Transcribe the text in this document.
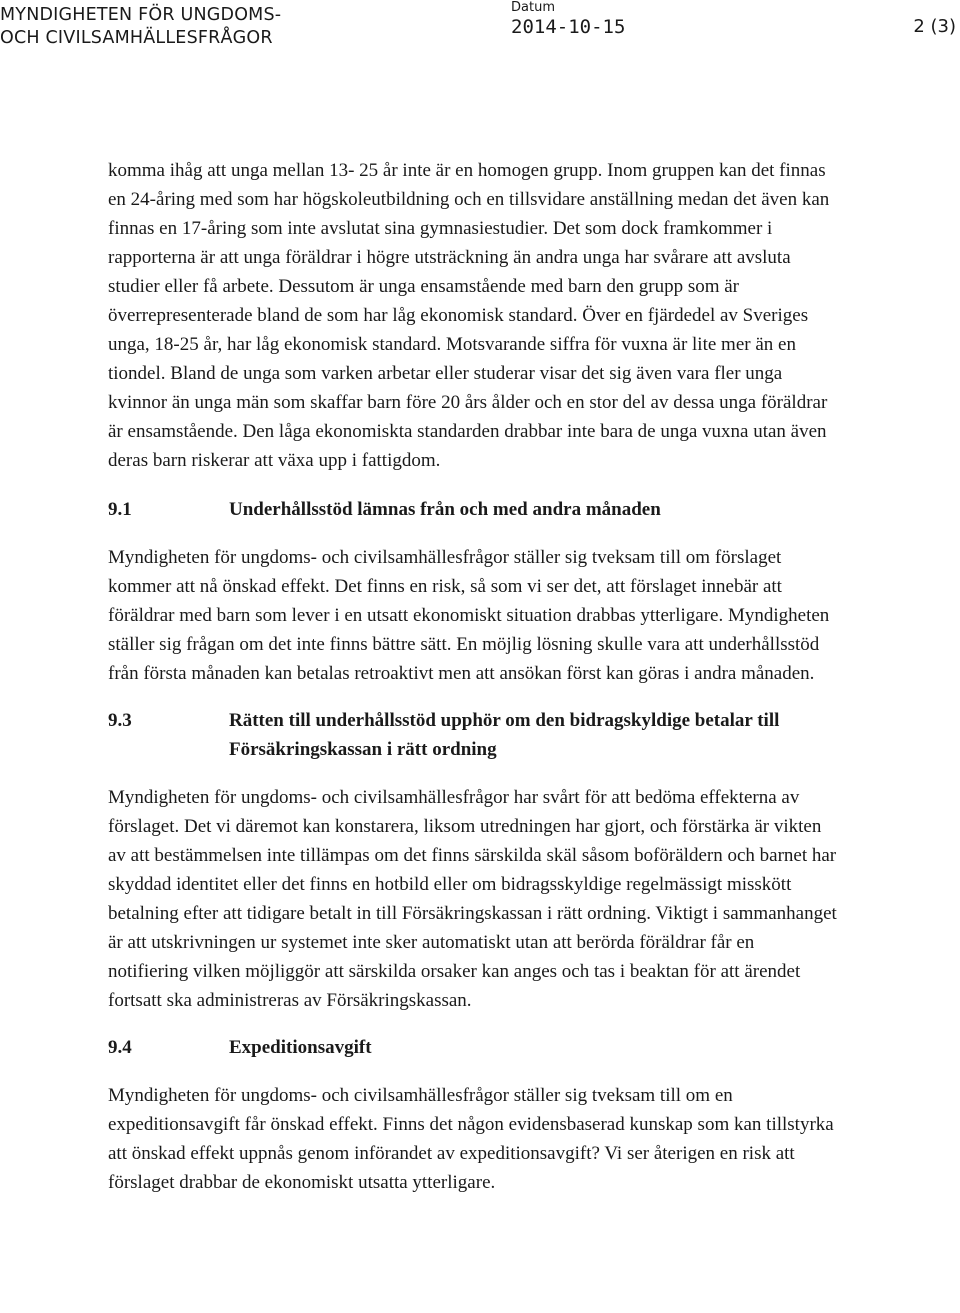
MYNDIGHETEN FÖR UNGDOMS-
OCH CIVILSAMHÄLLESFRÅGOR
Datum
2014-10-15	2 (3)

komma ihåg att unga mellan 13- 25 år inte är en homogen grupp. Inom gruppen kan det finnas en 24-åring med som har högskoleutbildning och en tillsvidare anställning medan det även kan finnas en 17-åring som inte avslutat sina gymnasiestudier. Det som dock framkommer i rapporterna är att unga föräldrar i högre utsträckning än andra unga har svårare att avsluta studier eller få arbete. Dessutom är unga ensamstående med barn den grupp som är överrepresenterade bland de som har låg ekonomisk standard. Över en fjärdedel av Sveriges unga, 18-25 år, har låg ekonomisk standard. Motsvarande siffra för vuxna är lite mer än en tiondel. Bland de unga som varken arbetar eller studerar visar det sig även vara fler unga kvinnor än unga män som skaffar barn före 20 års ålder och en stor del av dessa unga föräldrar är ensamstående. Den låga ekonomiskta standarden drabbar inte bara de unga vuxna utan även deras barn riskerar att växa upp i fattigdom.

9.1	Underhållsstöd lämnas från och med andra månaden

Myndigheten för ungdoms- och civilsamhällesfrågor ställer sig tveksam till om förslaget kommer att nå önskad effekt. Det finns en risk, så som vi ser det, att förslaget innebär att föräldrar med barn som lever i en utsatt ekonomiskt situation drabbas ytterligare. Myndigheten ställer sig frågan om det inte finns bättre sätt. En möjlig lösning skulle vara att underhållsstöd från första månaden kan betalas retroaktivt men att ansökan först kan göras i andra månaden.

9.3	Rätten till underhållsstöd upphör om den bidragskyldige betalar till Försäkringskassan i rätt ordning

Myndigheten för ungdoms- och civilsamhällesfrågor har svårt för att bedöma effekterna av förslaget. Det vi däremot kan konstarera, liksom utredningen har gjort, och förstärka är vikten av att bestämmelsen inte tillämpas om det finns särskilda skäl såsom boföräldern och barnet har skyddad identitet eller det finns en hotbild eller om bidragsskyldige regelmässigt misskött betalning efter att tidigare betalt in till Försäkringskassan i rätt ordning. Viktigt i sammanhanget är att utskrivningen ur systemet inte sker automatiskt utan att berörda föräldrar får en notifiering vilken möjliggör att särskilda orsaker kan anges och tas i beaktan för att ärendet fortsatt ska administreras av Försäkringskassan.

9.4	Expeditionsavgift

Myndigheten för ungdoms- och civilsamhällesfrågor ställer sig tveksam till om en expeditionsavgift får önskad effekt. Finns det någon evidensbaserad kunskap som kan tillstyrka att önskad effekt uppnås genom införandet av expeditionsavgift? Vi ser återigen en risk att förslaget drabbar de ekonomiskt utsatta ytterligare.
